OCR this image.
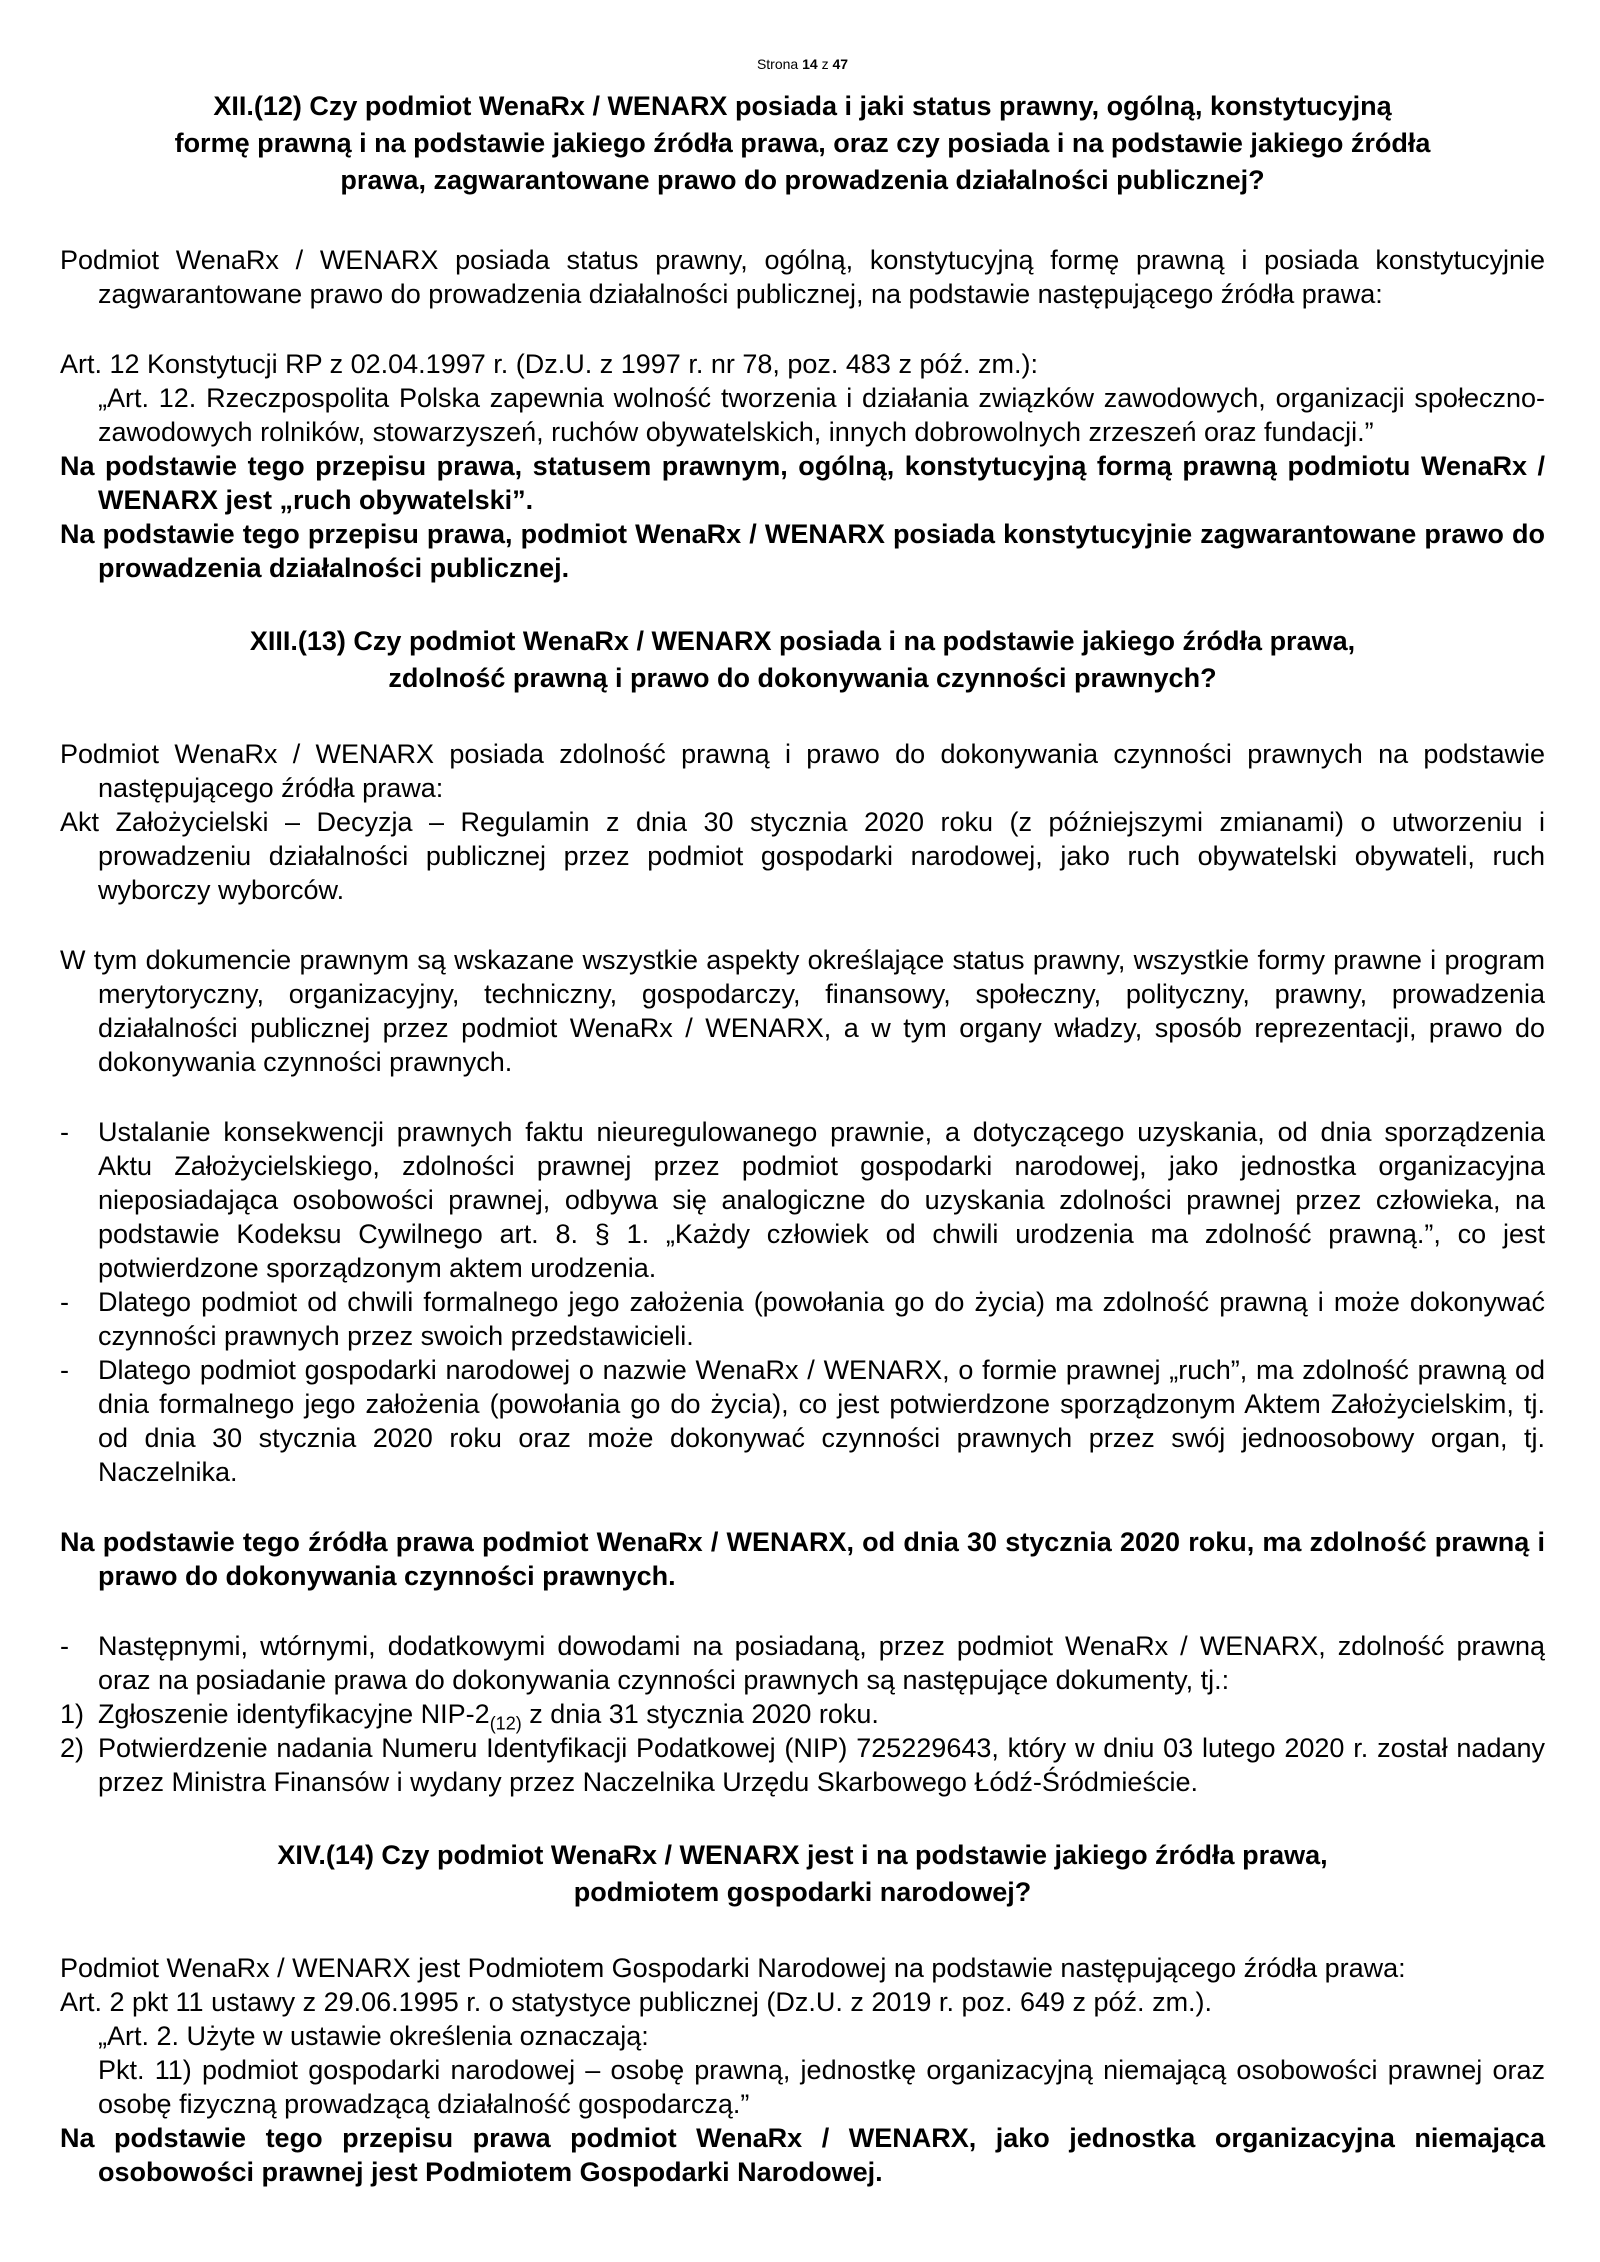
Strona 14 z 47
XII.(12) Czy podmiot WenaRx / WENARX posiada i jaki status prawny, ogólną, konstytucyjną
formę prawną i na podstawie jakiego źródła prawa, oraz czy posiada i na podstawie jakiego źródła
prawa, zagwarantowane prawo do prowadzenia działalności publicznej?

Podmiot WenaRx / WENARX posiada status prawny, ogólną, konstytucyjną formę prawną i posiada konstytucyjnie zagwarantowane prawo do prowadzenia działalności publicznej, na podstawie następującego źródła prawa:

Art. 12 Konstytucji RP z 02.04.1997 r. (Dz.U. z 1997 r. nr 78, poz. 483 z póź. zm.):

„Art. 12. Rzeczpospolita Polska zapewnia wolność tworzenia i działania związków zawodowych, organizacji społeczno-zawodowych rolników, stowarzyszeń, ruchów obywatelskich, innych dobrowolnych zrzeszeń oraz fundacji.”

Na podstawie tego przepisu prawa, statusem prawnym, ogólną, konstytucyjną formą prawną podmiotu WenaRx / WENARX jest „ruch obywatelski”.

Na podstawie tego przepisu prawa, podmiot WenaRx / WENARX posiada konstytucyjnie zagwarantowane prawo do prowadzenia działalności publicznej.

XIII.(13) Czy podmiot WenaRx / WENARX posiada i na podstawie jakiego źródła prawa,
zdolność prawną i prawo do dokonywania czynności prawnych?

Podmiot WenaRx / WENARX posiada zdolność prawną i prawo do dokonywania czynności prawnych na podstawie następującego źródła prawa:

Akt Założycielski – Decyzja – Regulamin z dnia 30 stycznia 2020 roku (z późniejszymi zmianami) o utworzeniu i prowadzeniu działalności publicznej przez podmiot gospodarki narodowej, jako ruch obywatelski obywateli, ruch wyborczy wyborców.

W tym dokumencie prawnym są wskazane wszystkie aspekty określające status prawny, wszystkie formy prawne i program merytoryczny, organizacyjny, techniczny, gospodarczy, finansowy, społeczny, polityczny, prawny, prowadzenia działalności publicznej przez podmiot WenaRx / WENARX, a w tym organy władzy, sposób reprezentacji, prawo do dokonywania czynności prawnych.

- Ustalanie konsekwencji prawnych faktu nieuregulowanego prawnie, a dotyczącego uzyskania, od dnia sporządzenia Aktu Założycielskiego, zdolności prawnej przez podmiot gospodarki narodowej, jako jednostka organizacyjna nieposiadająca osobowości prawnej, odbywa się analogiczne do uzyskania zdolności prawnej przez człowieka, na podstawie Kodeksu Cywilnego art. 8. § 1. „Każdy człowiek od chwili urodzenia ma zdolność prawną.”, co jest potwierdzone sporządzonym aktem urodzenia.
- Dlatego podmiot od chwili formalnego jego założenia (powołania go do życia) ma zdolność prawną i może dokonywać czynności prawnych przez swoich przedstawicieli.
- Dlatego podmiot gospodarki narodowej o nazwie WenaRx / WENARX, o formie prawnej „ruch”, ma zdolność prawną od dnia formalnego jego założenia (powołania go do życia), co jest potwierdzone sporządzonym Aktem Założycielskim, tj. od dnia 30 stycznia 2020 roku oraz może dokonywać czynności prawnych przez swój jednoosobowy organ, tj. Naczelnika.

Na podstawie tego źródła prawa podmiot WenaRx / WENARX, od dnia 30 stycznia 2020 roku, ma zdolność prawną i prawo do dokonywania czynności prawnych.

- Następnymi, wtórnymi, dodatkowymi dowodami na posiadaną, przez podmiot WenaRx / WENARX, zdolność prawną oraz na posiadanie prawa do dokonywania czynności prawnych są następujące dokumenty, tj.:
1) Zgłoszenie identyfikacyjne NIP-$2_{(12)}$ z dnia 31 stycznia 2020 roku.
2) Potwierdzenie nadania Numeru Identyfikacji Podatkowej (NIP) 725229643, który w dniu 03 lutego 2020 r. został nadany przez Ministra Finansów i wydany przez Naczelnika Urzędu Skarbowego Łódź-Śródmieście.
XIV.(14) Czy podmiot WenaRx / WENARX jest i na podstawie jakiego źródła prawa,
podmiotem gospodarki narodowej?

Podmiot WenaRx / WENARX jest Podmiotem Gospodarki Narodowej na podstawie następującego źródła prawa:

Art. 2 pkt 11 ustawy z 29.06.1995 r. o statystyce publicznej (Dz.U. z 2019 r. poz. 649 z póź. zm.).

„Art. 2. Użyte w ustawie określenia oznaczają:
Pkt. 11) podmiot gospodarki narodowej – osobę prawną, jednostkę organizacyjną niemającą osobowości prawnej oraz osobę fizyczną prowadzącą działalność gospodarczą.”

Na podstawie tego przepisu prawa podmiot WenaRx / WENARX, jako jednostka organizacyjna niemająca osobowości prawnej jest Podmiotem Gospodarki Narodowej.
